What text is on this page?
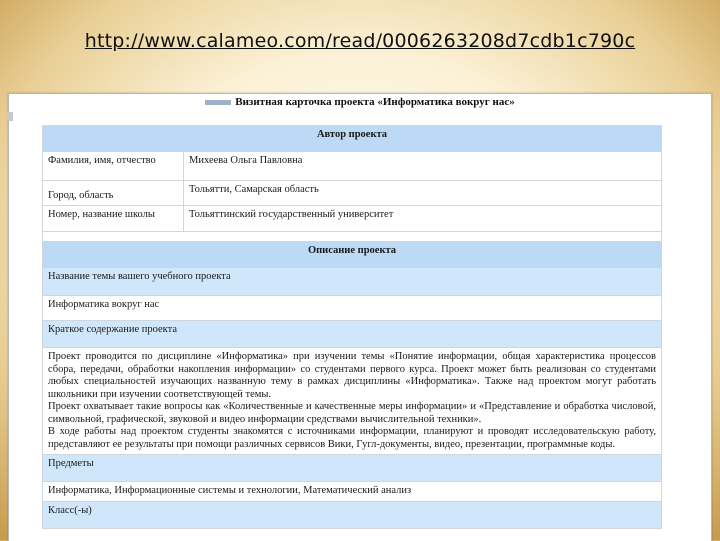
http://www.calameo.com/read/0006263208d7cdb1c790c
Визитная карточка проекта «Информатика вокруг нас»
Автор проекта	
Фамилия, имя, отчество	Михеева Ольга Павловна
Город, область	Тольятти, Самарская область
Номер, название школы	Тольяттинский государственный университет

Описание проекта	
Название темы вашего учебного проекта	
Информатика вокруг нас	
Краткое содержание проекта	

Проект проводится по дисциплине «Информатика» при изучении темы «Понятие информации, общая характеристика процессов сбора, передачи, обработки накопления информации» со студентами первого курса. Проект может быть реализован со студентами любых специальностей изучающих названную тему в рамках дисциплины «Информатика». Также над проектом могут работать школьники при изучении соответствующей темы.

Проект охватывает такие вопросы как «Количественные и качественные меры информации» и «Представление и обработка числовой, символьной, графической, звуковой и видео информации средствами вычислительной техники».

В ходе работы над проектом студенты знакомятся с источниками информации, планируют и проводят исследовательскую работу, представляют ее результаты при помощи различных сервисов Вики, Гугл-документы, видео, презентации, программные коды.	

Предметы	
Информатика, Информационные системы и технологии, Математический анализ	
Класс(-ы)	
